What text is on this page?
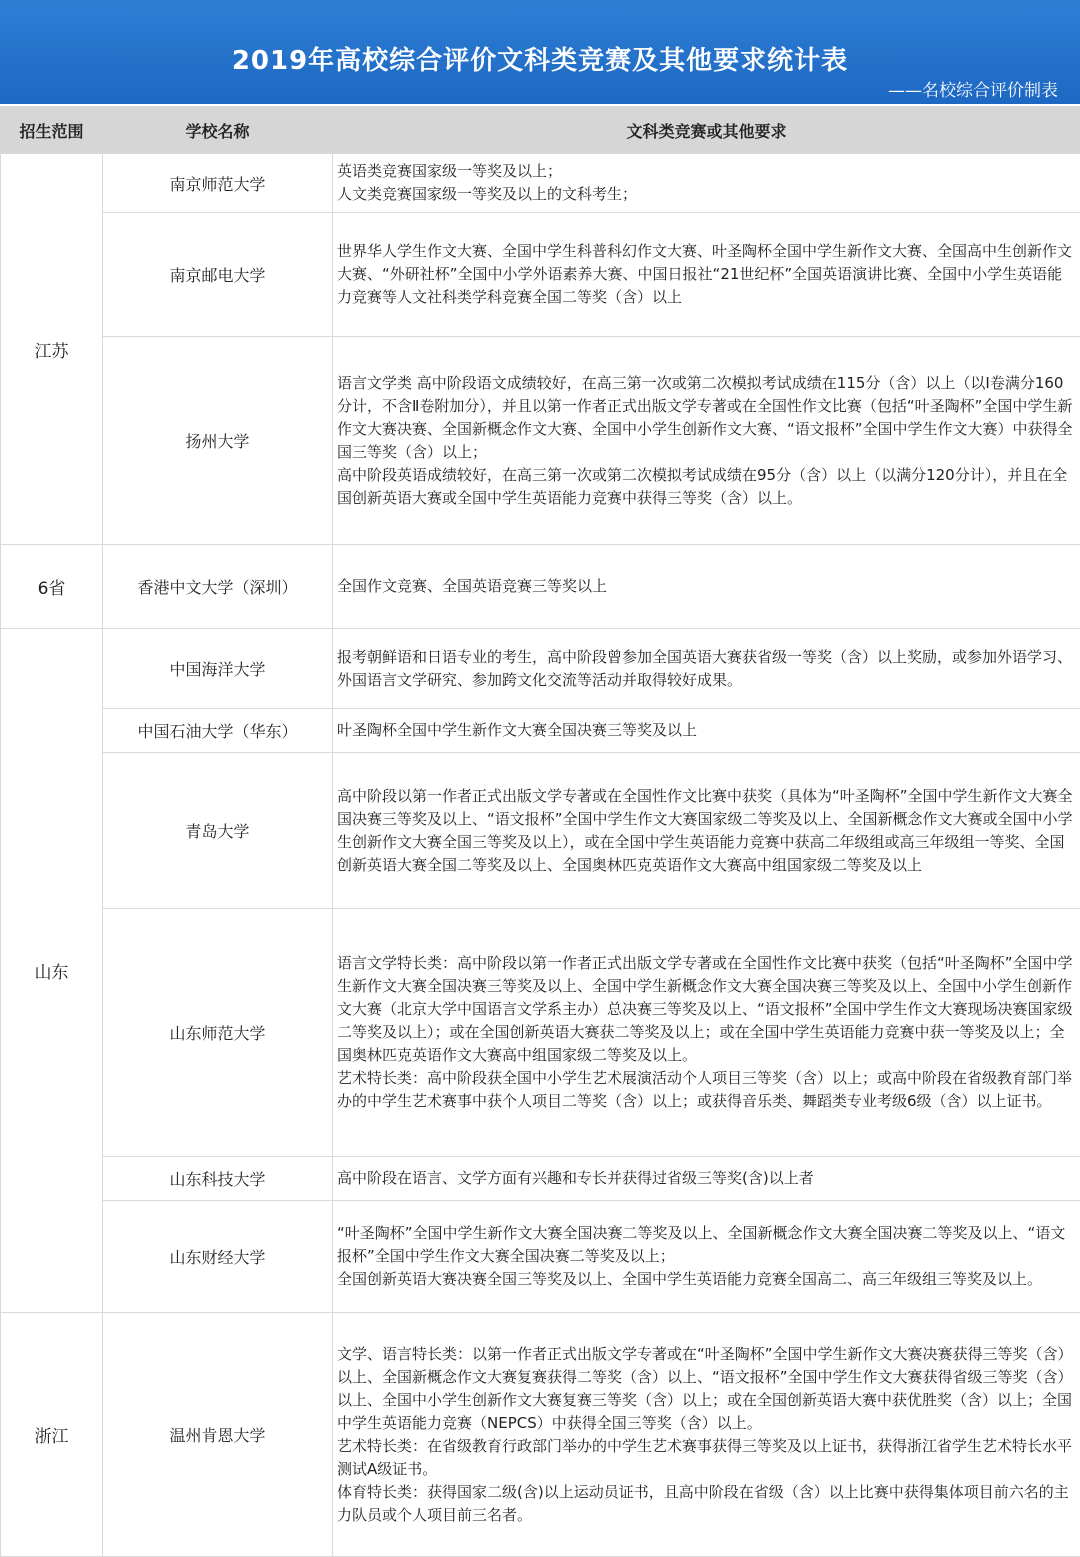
2019年高校综合评价文科类竞赛及其他要求统计表
——名校综合评价制表
招生范围	学校名称	文科类竞赛或其他要求
江苏	南京师范大学	英语类竞赛国家级一等奖及以上；
人文类竞赛国家级一等奖及以上的文科考生；
	南京邮电大学	世界华人学生作文大赛、全国中学生科普科幻作文大赛、叶圣陶杯全国中学生新作文大赛、全国高中生创新作文大赛、“外研社杯”全国中小学外语素养大赛、中国日报社“21世纪杯”全国英语演讲比赛、全国中小学生英语能力竞赛等人文社科类学科竞赛全国二等奖（含）以上
	扬州大学	语言文学类 高中阶段语文成绩较好，在高三第一次或第二次模拟考试成绩在115分（含）以上（以Ⅰ卷满分160分计，不含Ⅱ卷附加分），并且以第一作者正式出版文学专著或在全国性作文比赛（包括“叶圣陶杯”全国中学生新作文大赛决赛、全国新概念作文大赛、全国中小学生创新作文大赛、“语文报杯”全国中学生作文大赛）中获得全国三等奖（含）以上；
高中阶段英语成绩较好，在高三第一次或第二次模拟考试成绩在95分（含）以上（以满分120分计），并且在全国创新英语大赛或全国中学生英语能力竞赛中获得三等奖（含）以上。
6省	香港中文大学（深圳）	全国作文竞赛、全国英语竞赛三等奖以上
山东	中国海洋大学	报考朝鲜语和日语专业的考生，高中阶段曾参加全国英语大赛获省级一等奖（含）以上奖励，或参加外语学习、外国语言文学研究、参加跨文化交流等活动并取得较好成果。
	中国石油大学（华东）	叶圣陶杯全国中学生新作文大赛全国决赛三等奖及以上
	青岛大学	高中阶段以第一作者正式出版文学专著或在全国性作文比赛中获奖（具体为“叶圣陶杯”全国中学生新作文大赛全国决赛三等奖及以上、“语文报杯”全国中学生作文大赛国家级二等奖及以上、全国新概念作文大赛或全国中小学生创新作文大赛全国三等奖及以上），或在全国中学生英语能力竞赛中获高二年级组或高三年级组一等奖、全国创新英语大赛全国二等奖及以上、全国奥林匹克英语作文大赛高中组国家级二等奖及以上
	山东师范大学	语言文学特长类：高中阶段以第一作者正式出版文学专著或在全国性作文比赛中获奖（包括“叶圣陶杯”全国中学生新作文大赛全国决赛三等奖及以上、全国中学生新概念作文大赛全国决赛三等奖及以上、全国中小学生创新作文大赛（北京大学中国语言文学系主办）总决赛三等奖及以上、“语文报杯”全国中学生作文大赛现场决赛国家级二等奖及以上）；或在全国创新英语大赛获二等奖及以上；或在全国中学生英语能力竞赛中获一等奖及以上；全国奥林匹克英语作文大赛高中组国家级二等奖及以上。
艺术特长类：高中阶段获全国中小学生艺术展演活动个人项目三等奖（含）以上；或高中阶段在省级教育部门举办的中学生艺术赛事中获个人项目二等奖（含）以上；或获得音乐类、舞蹈类专业考级6级（含）以上证书。
	山东科技大学	高中阶段在语言、文学方面有兴趣和专长并获得过省级三等奖(含)以上者
	山东财经大学	“叶圣陶杯”全国中学生新作文大赛全国决赛二等奖及以上、全国新概念作文大赛全国决赛二等奖及以上、“语文报杯”全国中学生作文大赛全国决赛二等奖及以上；
全国创新英语大赛决赛全国三等奖及以上、全国中学生英语能力竞赛全国高二、高三年级组三等奖及以上。
浙江	温州肯恩大学	文学、语言特长类：以第一作者正式出版文学专著或在“叶圣陶杯”全国中学生新作文大赛决赛获得三等奖（含）以上、全国新概念作文大赛复赛获得二等奖（含）以上、“语文报杯”全国中学生作文大赛获得省级三等奖（含）以上、全国中小学生创新作文大赛复赛三等奖（含）以上；或在全国创新英语大赛中获优胜奖（含）以上；全国中学生英语能力竞赛（NEPCS）中获得全国三等奖（含）以上。
艺术特长类：在省级教育行政部门举办的中学生艺术赛事获得三等奖及以上证书，获得浙江省学生艺术特长水平测试A级证书。
体育特长类：获得国家二级(含)以上运动员证书，且高中阶段在省级（含）以上比赛中获得集体项目前六名的主力队员或个人项目前三名者。
